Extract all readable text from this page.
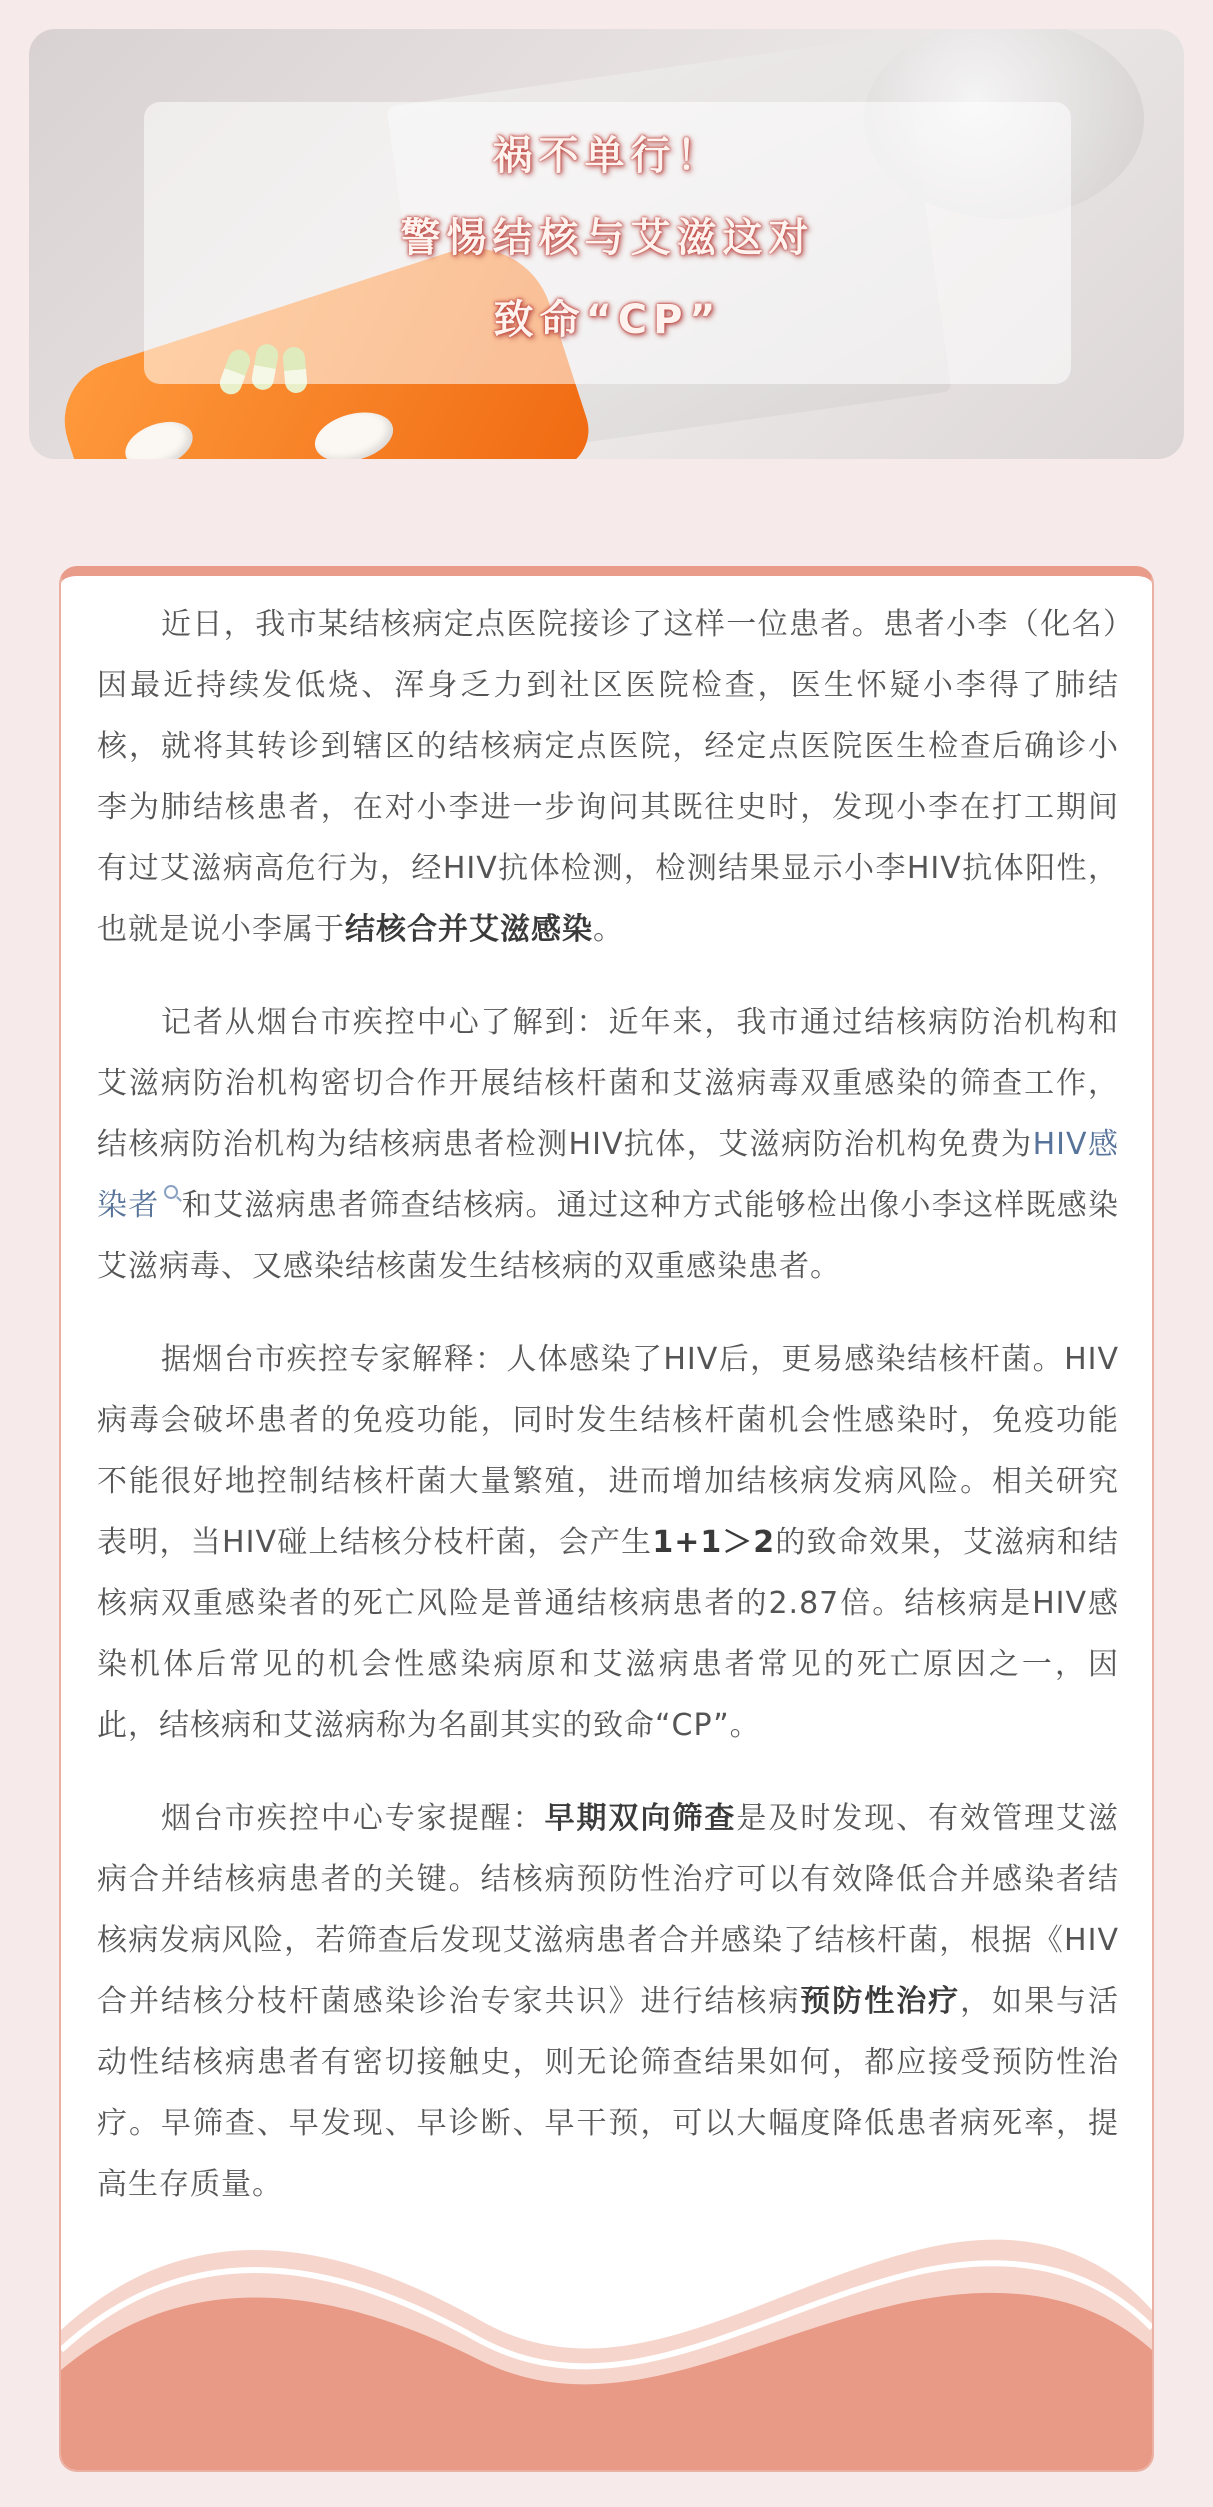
祸不单行！
警惕结核与艾滋这对
致命“CP”

近日，我市某结核病定点医院接诊了这样一位患者。患者小李（化名）因最近持续发低烧、浑身乏力到社区医院检查，医生怀疑小李得了肺结核，就将其转诊到辖区的结核病定点医院，经定点医院医生检查后确诊小李为肺结核患者，在对小李进一步询问其既往史时，发现小李在打工期间有过艾滋病高危行为，经HIV抗体检测，检测结果显示小李HIV抗体阳性，也就是说小李属于结核合并艾滋感染。

记者从烟台市疾控中心了解到：近年来，我市通过结核病防治机构和艾滋病防治机构密切合作开展结核杆菌和艾滋病毒双重感染的筛查工作，结核病防治机构为结核病患者检测HIV抗体，艾滋病防治机构免费为HIV感染者 和艾滋病患者筛查结核病。通过这种方式能够检出像小李这样既感染艾滋病毒、又感染结核菌发生结核病的双重感染患者。

据烟台市疾控专家解释：人体感染了HIV后，更易感染结核杆菌。HIV病毒会破坏患者的免疫功能，同时发生结核杆菌机会性感染时，免疫功能不能很好地控制结核杆菌大量繁殖，进而增加结核病发病风险。相关研究表明，当HIV碰上结核分枝杆菌，会产生1+1＞2的致命效果，艾滋病和结核病双重感染者的死亡风险是普通结核病患者的2.87倍。结核病是HIV感染机体后常见的机会性感染病原和艾滋病患者常见的死亡原因之一，因此，结核病和艾滋病称为名副其实的致命“CP”。

烟台市疾控中心专家提醒：早期双向筛查是及时发现、有效管理艾滋病合并结核病患者的关键。结核病预防性治疗可以有效降低合并感染者结核病发病风险，若筛查后发现艾滋病患者合并感染了结核杆菌，根据《HIV合并结核分枝杆菌感染诊治专家共识》进行结核病预防性治疗，如果与活动性结核病患者有密切接触史，则无论筛查结果如何，都应接受预防性治疗。早筛查、早发现、早诊断、早干预，可以大幅度降低患者病死率，提高生存质量。
